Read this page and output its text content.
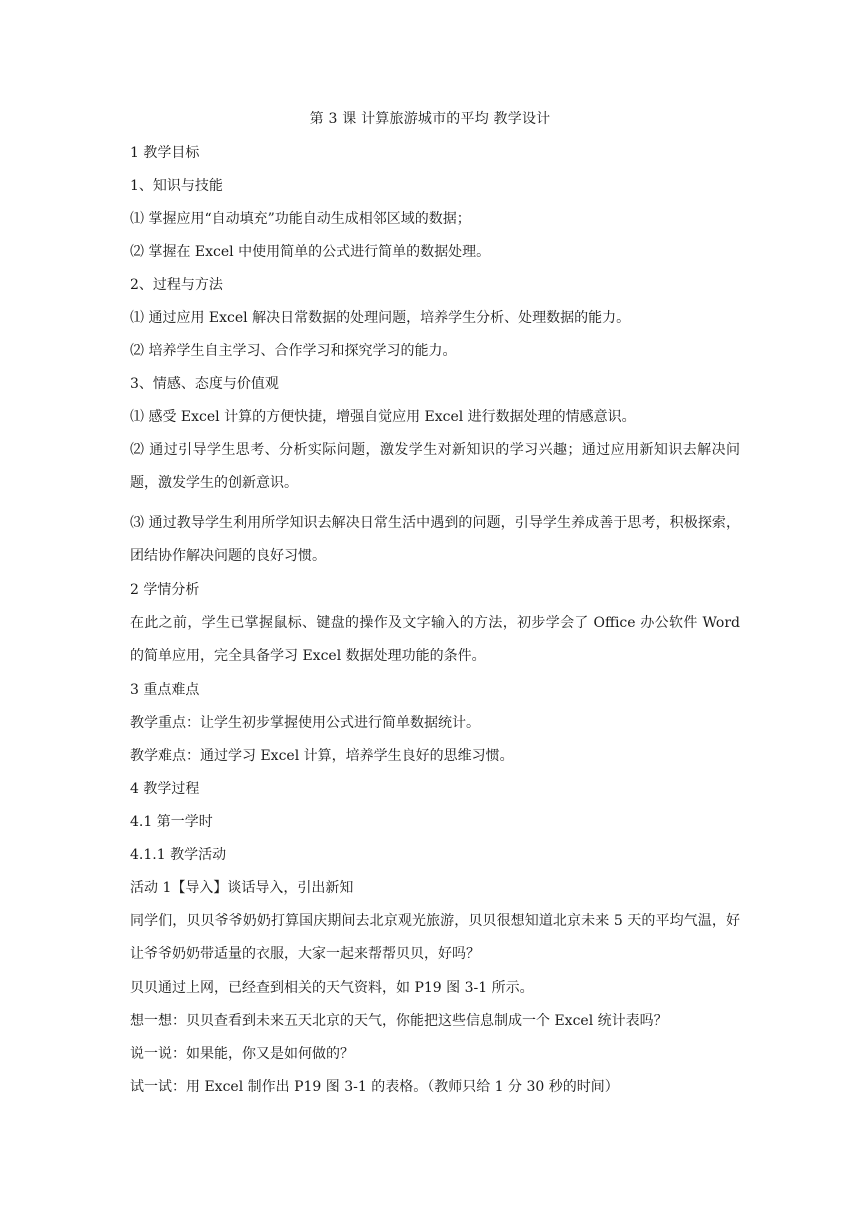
第 3 课 计算旅游城市的平均 教学设计
1 教学目标
1、知识与技能
⑴ 掌握应用“自动填充”功能自动生成相邻区域的数据；
⑵ 掌握在 Excel 中使用简单的公式进行简单的数据处理。
2、过程与方法
⑴ 通过应用 Excel 解决日常数据的处理问题，培养学生分析、处理数据的能力。
⑵ 培养学生自主学习、合作学习和探究学习的能力。
3、情感、态度与价值观
⑴ 感受 Excel 计算的方便快捷，增强自觉应用 Excel 进行数据处理的情感意识。
⑵ 通过引导学生思考、分析实际问题，激发学生对新知识的学习兴趣；通过应用新知识去解决问题，激发学生的创新意识。
⑶ 通过教导学生利用所学知识去解决日常生活中遇到的问题，引导学生养成善于思考，积极探索，团结协作解决问题的良好习惯。
2 学情分析
在此之前，学生已掌握鼠标、键盘的操作及文字输入的方法，初步学会了 Office 办公软件 Word 的简单应用，完全具备学习 Excel 数据处理功能的条件。
3 重点难点
教学重点：让学生初步掌握使用公式进行简单数据统计。
教学难点：通过学习 Excel 计算，培养学生良好的思维习惯。
4 教学过程
4.1 第一学时
4.1.1 教学活动
活动 1【导入】谈话导入，引出新知
同学们，贝贝爷爷奶奶打算国庆期间去北京观光旅游，贝贝很想知道北京未来 5 天的平均气温，好让爷爷奶奶带适量的衣服，大家一起来帮帮贝贝，好吗？
贝贝通过上网，已经查到相关的天气资料，如 P19 图 3-1 所示。
想一想：贝贝查看到未来五天北京的天气，你能把这些信息制成一个 Excel 统计表吗？
说一说：如果能，你又是如何做的？
试一试：用 Excel 制作出 P19 图 3-1 的表格。（教师只给 1 分 30 秒的时间）
